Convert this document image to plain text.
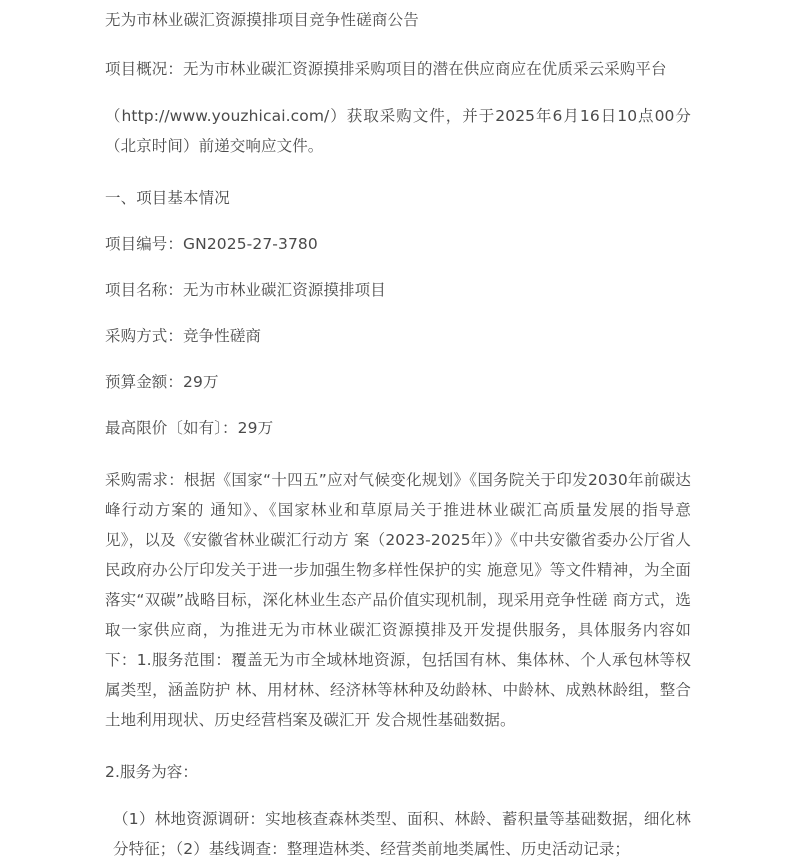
无为市林业碳汇资源摸排项目竞争性磋商公告

项目概况：无为市林业碳汇资源摸排采购项目的潜在供应商应在优质采云采购平台

（http://www.youzhicai.com/）获取采购文件，并于2025年6月16日10点00分（北京时间）前递交响应文件。

一、项目基本情况

项目编号：GN2025-27-3780

项目名称：无为市林业碳汇资源摸排项目

采购方式：竞争性磋商

预算金额：29万

最高限价〔如有〕：29万

采购需求：根据《国家“十四五”应对气候变化规划》《国务院关于印发2030年前碳达峰行动方案的 通知》、《国家林业和草原局关于推进林业碳汇高质量发展的指导意见》，以及《安徽省林业碳汇行动方 案（2023-2025年）》《中共安徽省委办公厅省人民政府办公厅印发关于进一步加强生物多样性保护的实 施意见》等文件精神，为全面落实“双碳”战略目标，深化林业生态产品价值实现机制，现采用竞争性磋 商方式，选取一家供应商，为推进无为市林业碳汇资源摸排及开发提供服务，具体服务内容如下：1.服务范围：覆盖无为市全域林地资源，包括国有林、集体林、个人承包林等权属类型，涵盖防护 林、用材林、经济林等林种及幼龄林、中龄林、成熟林龄组，整合土地利用现状、历史经营档案及碳汇开 发合规性基础数据。

2.服务为容：

（1）林地资源调研：实地核查森林类型、面积、林龄、蓄积量等基础数据，细化林分特征；（2）基线调查：整理造林类、经营类前地类属性、历史活动记录；
